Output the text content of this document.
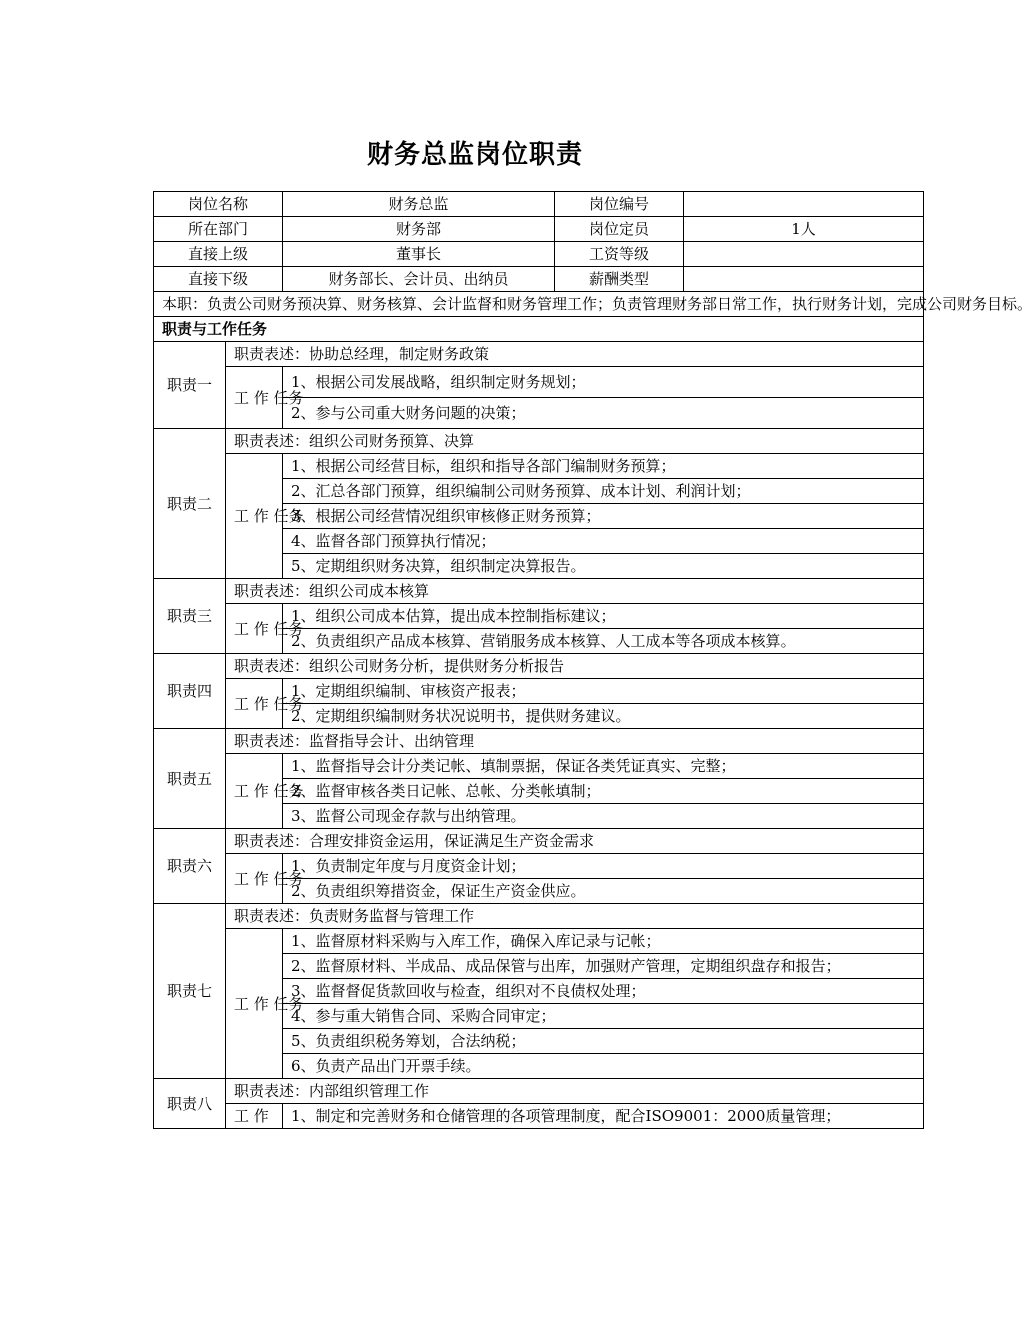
财务总监岗位职责
岗位名称		财务总监	岗位编号	
所在部门		财务部	岗位定员	1人
直接上级		董事长	工资等级	
直接下级		财务部长、会计员、出纳员	薪酬类型	
本职：负责公司财务预决算、财务核算、会计监督和财务管理工作；负责管理财务部日常工作，执行财务计划，完成公司财务目标。				
职责与工作任务				
职责一	职责表述：协助总经理，制定财务政策			
	工 作 任务	1、根据公司发展战略，组织制定财务规划；		
		2、参与公司重大财务问题的决策；		
职责二	职责表述：组织公司财务预算、决算			
	工 作 任务	1、根据公司经营目标，组织和指导各部门编制财务预算；		
		2、汇总各部门预算，组织编制公司财务预算、成本计划、利润计划；		
		3、根据公司经营情况组织审核修正财务预算；		
		4、监督各部门预算执行情况；		
		5、定期组织财务决算，组织制定决算报告。		
职责三	职责表述：组织公司成本核算			
	工 作 任务	1、组织公司成本估算，提出成本控制指标建议；		
		2、负责组织产品成本核算、营销服务成本核算、人工成本等各项成本核算。		
职责四	职责表述：组织公司财务分析，提供财务分析报告			
	工 作 任务	1、定期组织编制、审核资产报表；		
		2、定期组织编制财务状况说明书，提供财务建议。		
职责五	职责表述：监督指导会计、出纳管理			
	工 作 任务	1、监督指导会计分类记帐、填制票据，保证各类凭证真实、完整；		
		2、监督审核各类日记帐、总帐、分类帐填制；		
		3、监督公司现金存款与出纳管理。		
职责六	职责表述：合理安排资金运用，保证满足生产资金需求			
	工 作 任务	1、负责制定年度与月度资金计划；		
		2、负责组织筹措资金，保证生产资金供应。		
职责七	职责表述：负责财务监督与管理工作			
	工 作 任务	1、监督原材料采购与入库工作，确保入库记录与记帐；		
		2、监督原材料、半成品、成品保管与出库，加强财产管理，定期组织盘存和报告；		
		3、监督督促货款回收与检查，组织对不良债权处理；		
		4、参与重大销售合同、采购合同审定；		
		5、负责组织税务筹划，合法纳税；		
		6、负责产品出门开票手续。		
职责八	职责表述：内部组织管理工作			
	工 作	1、制定和完善财务和仓储管理的各项管理制度，配合ISO9001：2000质量管理；		
